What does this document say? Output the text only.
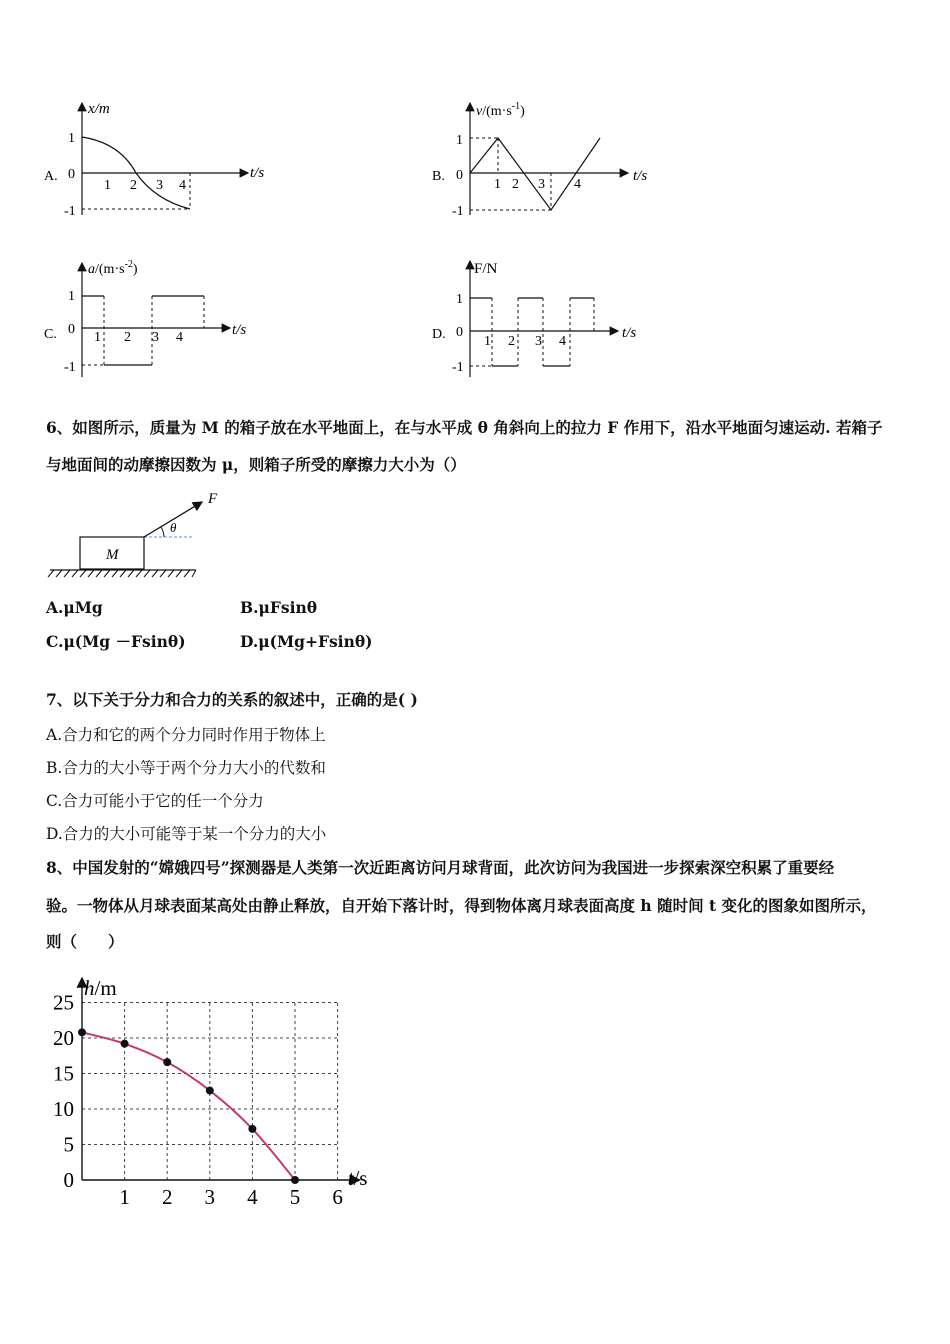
A.
x/m
t/s
1
0
-1
1 2 3 4
B.
$v/(m\cdot s^{-1})$
t/s
1
0
-1
1 2 3 4
C.
$a/(m\cdot s^{-2})$
t/s
1
0
-1
1 2 3 4	D.
F/N
t/s
1
0
-1
1 2 3 4
6、如图所示，质量为 M 的箱子放在水平地面上，在与水平成 θ 角斜向上的拉力 F 作用下，沿水平地面匀速运动. 若箱子
与地面间的动摩擦因数为 μ，则箱子所受的摩擦力大小为（）
M
F
θ
A.μMg	B.μFsinθ
C.μ(Mg －Fsinθ)	D.μ(Mg+Fsinθ)
7、以下关于分力和合力的关系的叙述中，正确的是( )
A.合力和它的两个分力同时作用于物体上
B.合力的大小等于两个分力大小的代数和
C.合力可能小于它的任一个分力
D.合力的大小可能等于某一个分力的大小
8、中国发射的“嫦娥四号”探测器是人类第一次近距离访问月球背面，此次访问为我国进一步探索深空积累了重要经
验。一物体从月球表面某高处由静止释放，自开始下落计时，得到物体离月球表面高度 h 随时间 t 变化的图象如图所示，
则（　　）
h/m
t/s
0
5
10
15
20
25
1 2 3 4 5 6
